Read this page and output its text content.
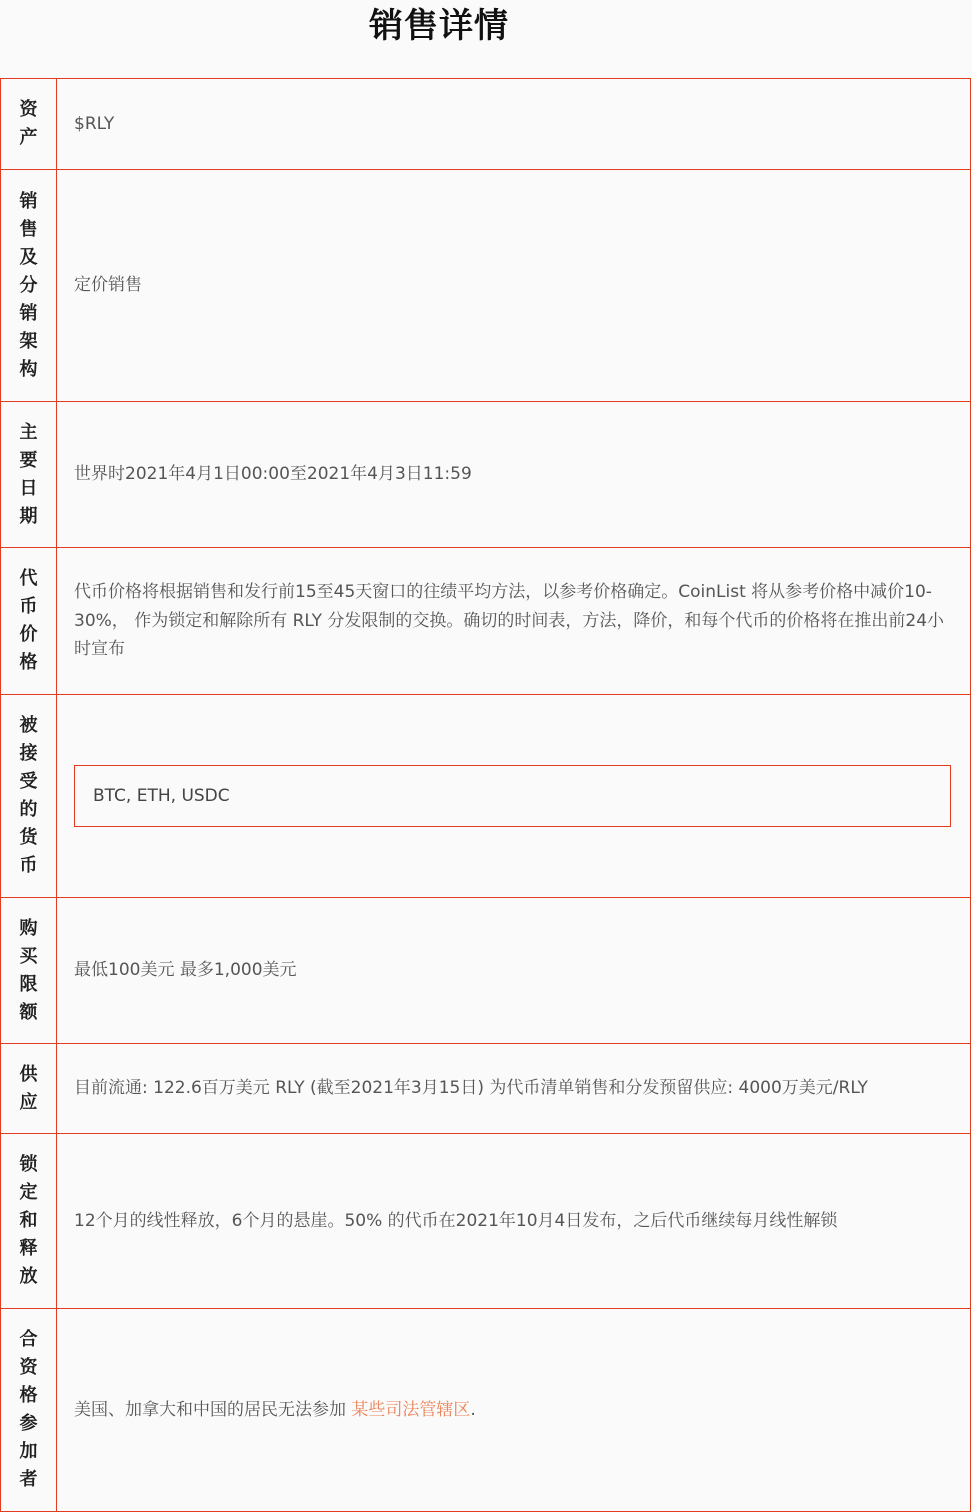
销售详情
资产	$RLY
销售及分销架构	定价销售
主要日期	世界时2021年4月1日00:00至2021年4月3日11:59
代币价格	代币价格将根据销售和发行前15至45天窗口的往绩平均方法，以参考价格确定。CoinList 将从参考价格中减价10-30%， 作为锁定和解除所有 RLY 分发限制的交换。确切的时间表，方法，降价，和每个代币的价格将在推出前24小时宣布
被接受的货币	BTC, ETH, USDC

购买限额	最低100美元 最多1,000美元
供应	目前流通: 122.6百万美元 RLY (截至2021年3月15日) 为代币清单销售和分发预留供应: 4000万美元/RLY
锁定和释放	12个月的线性释放，6个月的悬崖。50% 的代币在2021年10月4日发布，之后代币继续每月线性解锁
合资格参加者	美国、加拿大和中国的居民无法参加 某些司法管辖区.
